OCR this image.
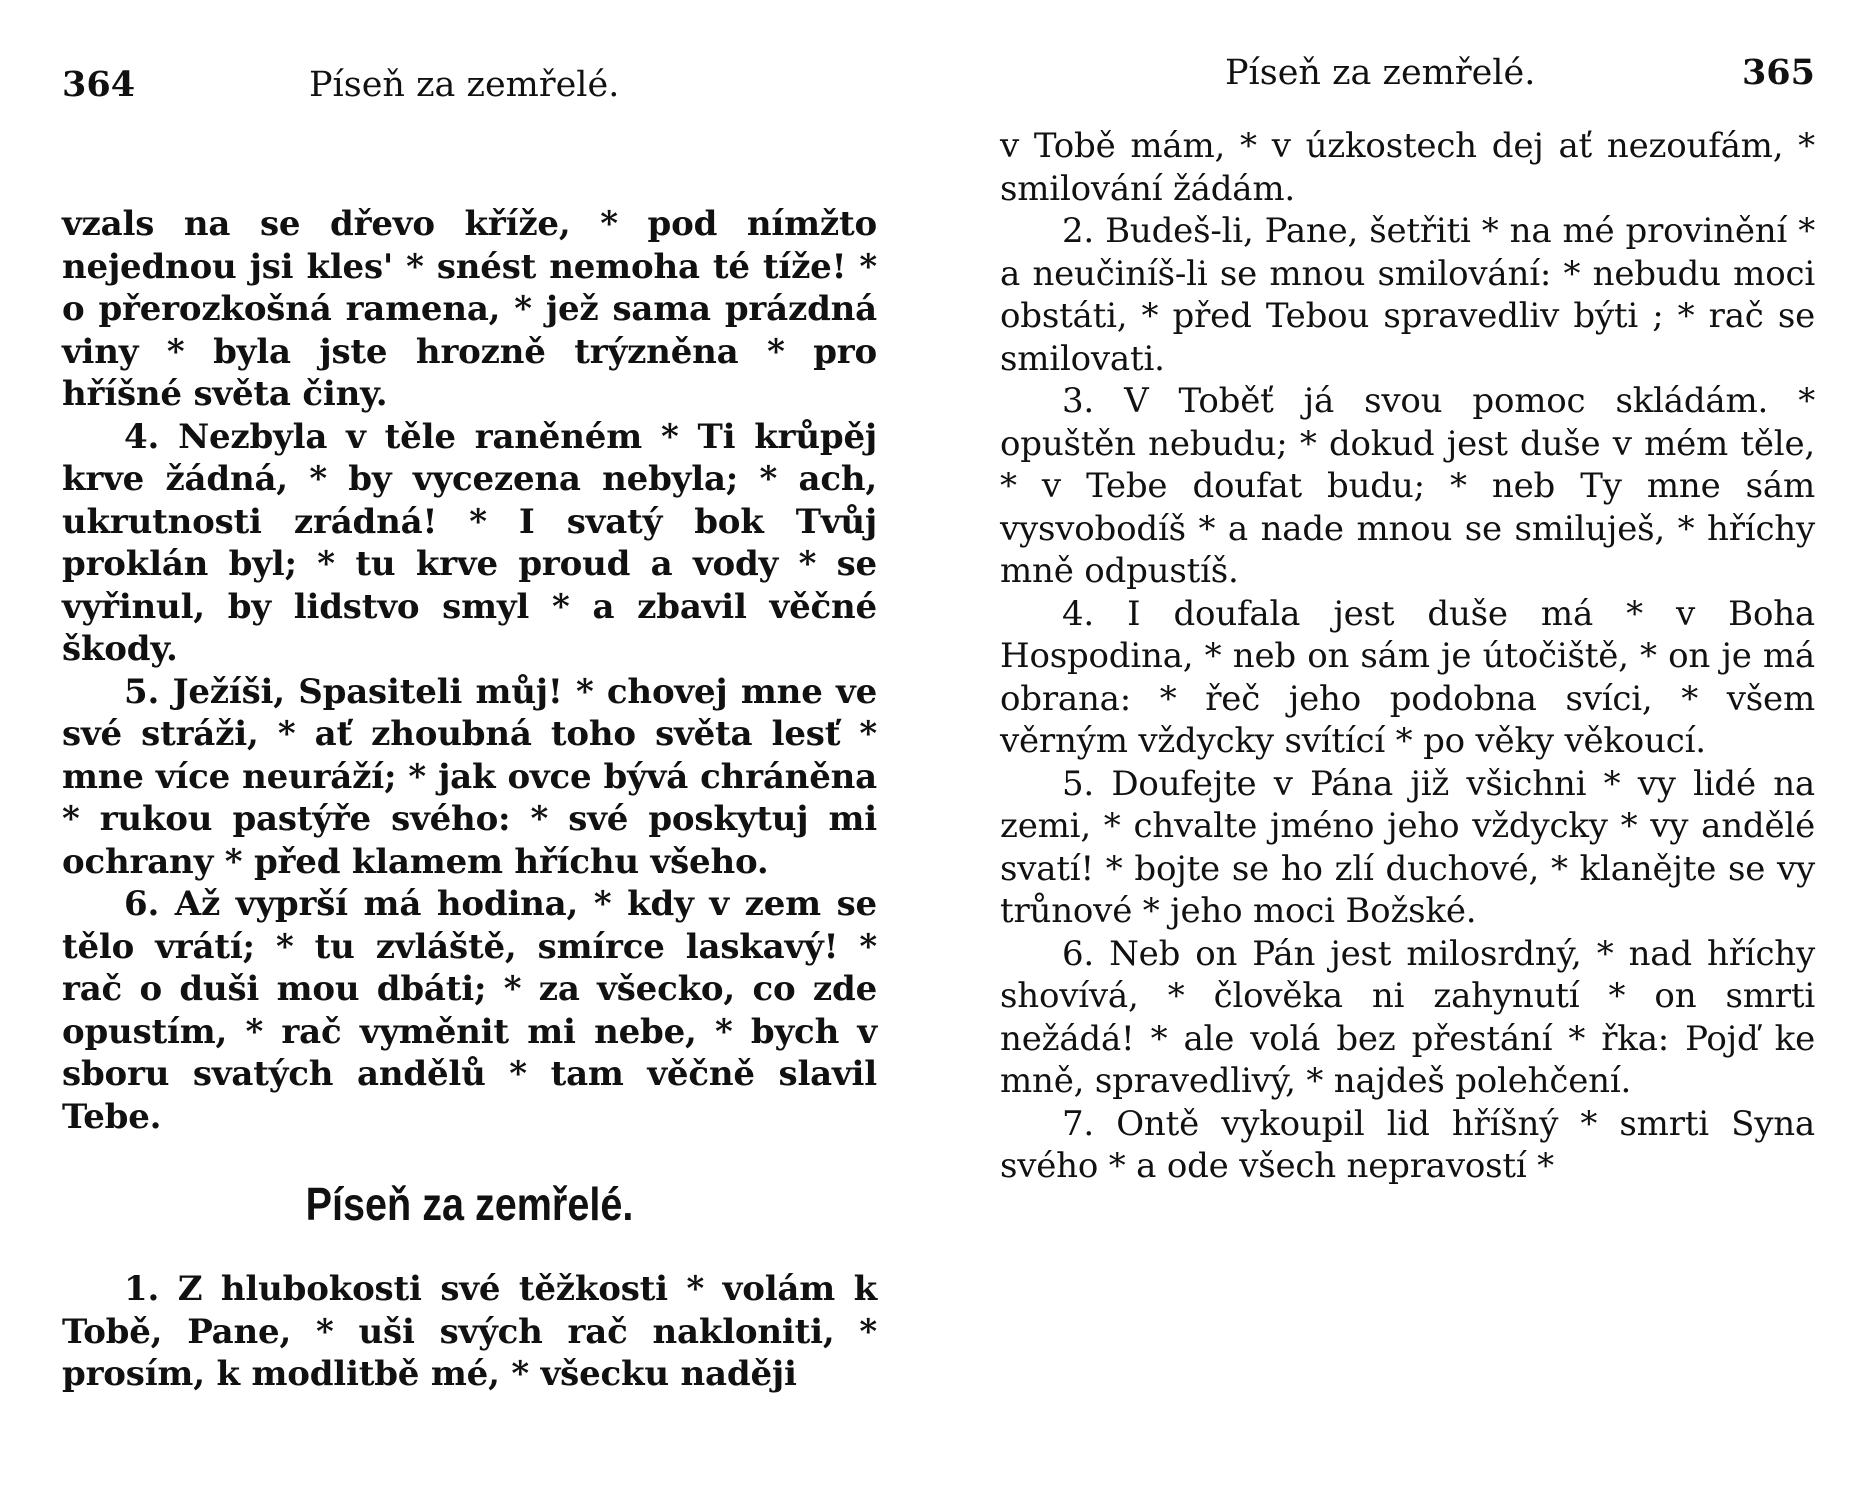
364	Píseň za zemřelé.

vzals na se dřevo kříže, * pod nímžto nejednou jsi kles' * snést nemoha té tíže! * o přerozkošná ramena, * jež sama prázdná viny * byla jste hrozně trýzněna * pro hříšné světa činy.

4. Nezbyla v těle raněném * Ti krůpěj krve žádná, * by vycezena nebyla; * ach, ukrutnosti zrádná! * I svatý bok Tvůj proklán byl; * tu krve proud a vody * se vyřinul, by lidstvo smyl * a zbavil věčné škody.

5. Ježíši, Spasiteli můj! * chovej mne ve své stráži, * ať zhoubná toho světa lesť * mne více neuráží; * jak ovce bývá chráněna * rukou pastýře svého: * své poskytuj mi ochrany * před klamem hříchu všeho.

6. Až vyprší má hodina, * kdy v zem se tělo vrátí; * tu zvláště, smírce laskavý! * rač o duši mou dbáti; * za všecko, co zde opustím, * rač vyměnit mi nebe, * bych v sboru svatých andělů * tam věčně slavil Tebe.

Píseň za zemřelé.

1. Z hlubokosti své těžkosti * volám k Tobě, Pane, * uši svých rač nakloniti, * prosím, k modlitbě mé, * všecku naději

Píseň za zemřelé.	365

v Tobě mám, * v úzkostech dej ať nezoufám, * smilování žádám.

2. Budeš-li, Pane, šetřiti * na mé provinění * a neučiníš-li se mnou smilování: * nebudu moci obstáti, * před Tebou spravedliv býti ; * rač se smilovati.

3. V Toběť já svou pomoc skládám. * opuštěn nebudu; * dokud jest duše v mém těle, * v Tebe doufat budu; * neb Ty mne sám vysvobodíš * a nade mnou se smiluješ, * hříchy mně odpustíš.

4. I doufala jest duše má * v Boha Hospodina, * neb on sám je útočiště, * on je má obrana: * řeč jeho podobna svíci, * všem věrným vždycky svítící * po věky věkoucí.

5. Doufejte v Pána již všichni * vy lidé na zemi, * chvalte jméno jeho vždycky * vy andělé svatí! * bojte se ho zlí duchové, * klanějte se vy trůnové * jeho moci Božské.

6. Neb on Pán jest milosrdný, * nad hříchy shovívá, * člověka ni zahynutí * on smrti nežádá! * ale volá bez přestání * řka: Pojď ke mně, spravedlivý, * najdeš polehčení.

7. Ontě vykoupil lid hříšný * smrti Syna svého * a ode všech nepravostí *
